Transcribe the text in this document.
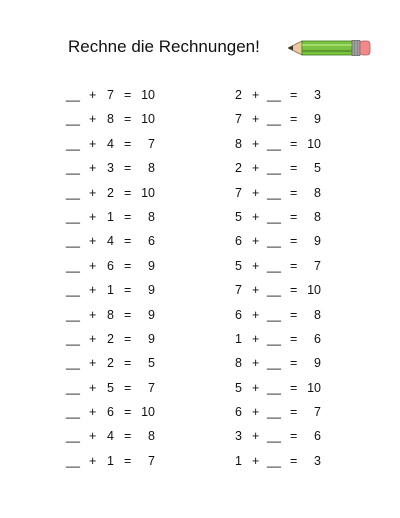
Rechne die Rechnungen!
__ + 7 = 10
__ + 8 = 10
__ + 4 =	7
__ + 3 =	8
__ + 2 = 10
__ + 1 =	8
__ + 4 =	6
__ + 6 =	9
__ + 1 =	9
__ + 8 =	9
__ + 2 =	9
__ + 2 =	5
__ + 5 =	7
__ + 6 = 10
__ + 4 =	8
__ + 1 =	7
2 + __ =	3
7 + __ =	9
8 + __ = 10
2 + __ =	5
7 + __ =	8
5 + __ =	8
6 + __ =	9
5 + __ =	7
7 + __ = 10
6 + __ =	8
1 + __ =	6
8 + __ =	9
5 + __ = 10
6 + __ =	7
3 + __ =	6
1 + __ =	3
